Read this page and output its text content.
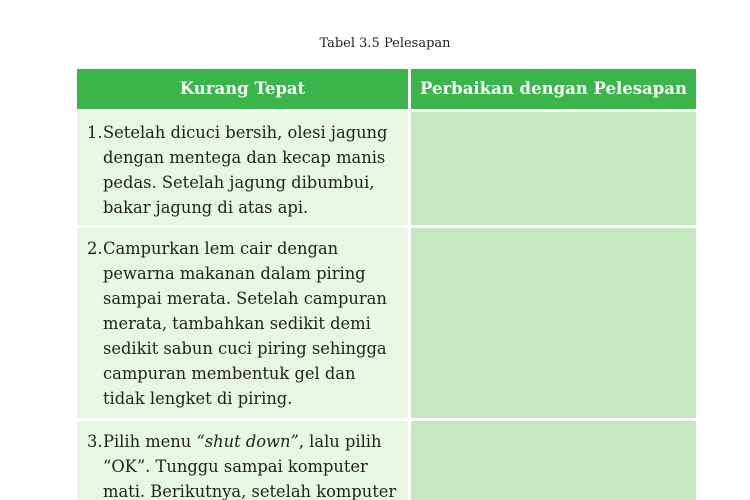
Tabel 3.5 Pelesapan
Kurang Tepat	Perbaikan dengan Pelesapan
1. Setelah dicuci bersih, olesi jagung
dengan mentega dan kecap manis
pedas. Setelah jagung dibumbui,
bakar jagung di atas api.
2. Campurkan lem cair dengan
pewarna makanan dalam piring
sampai merata. Setelah campuran
merata, tambahkan sedikit demi
sedikit sabun cuci piring sehingga
campuran membentuk gel dan
tidak lengket di piring.
3. Pilih menu “shut down”, lalu pilih
“OK”. Tunggu sampai komputer
mati. Berikutnya, setelah komputer
